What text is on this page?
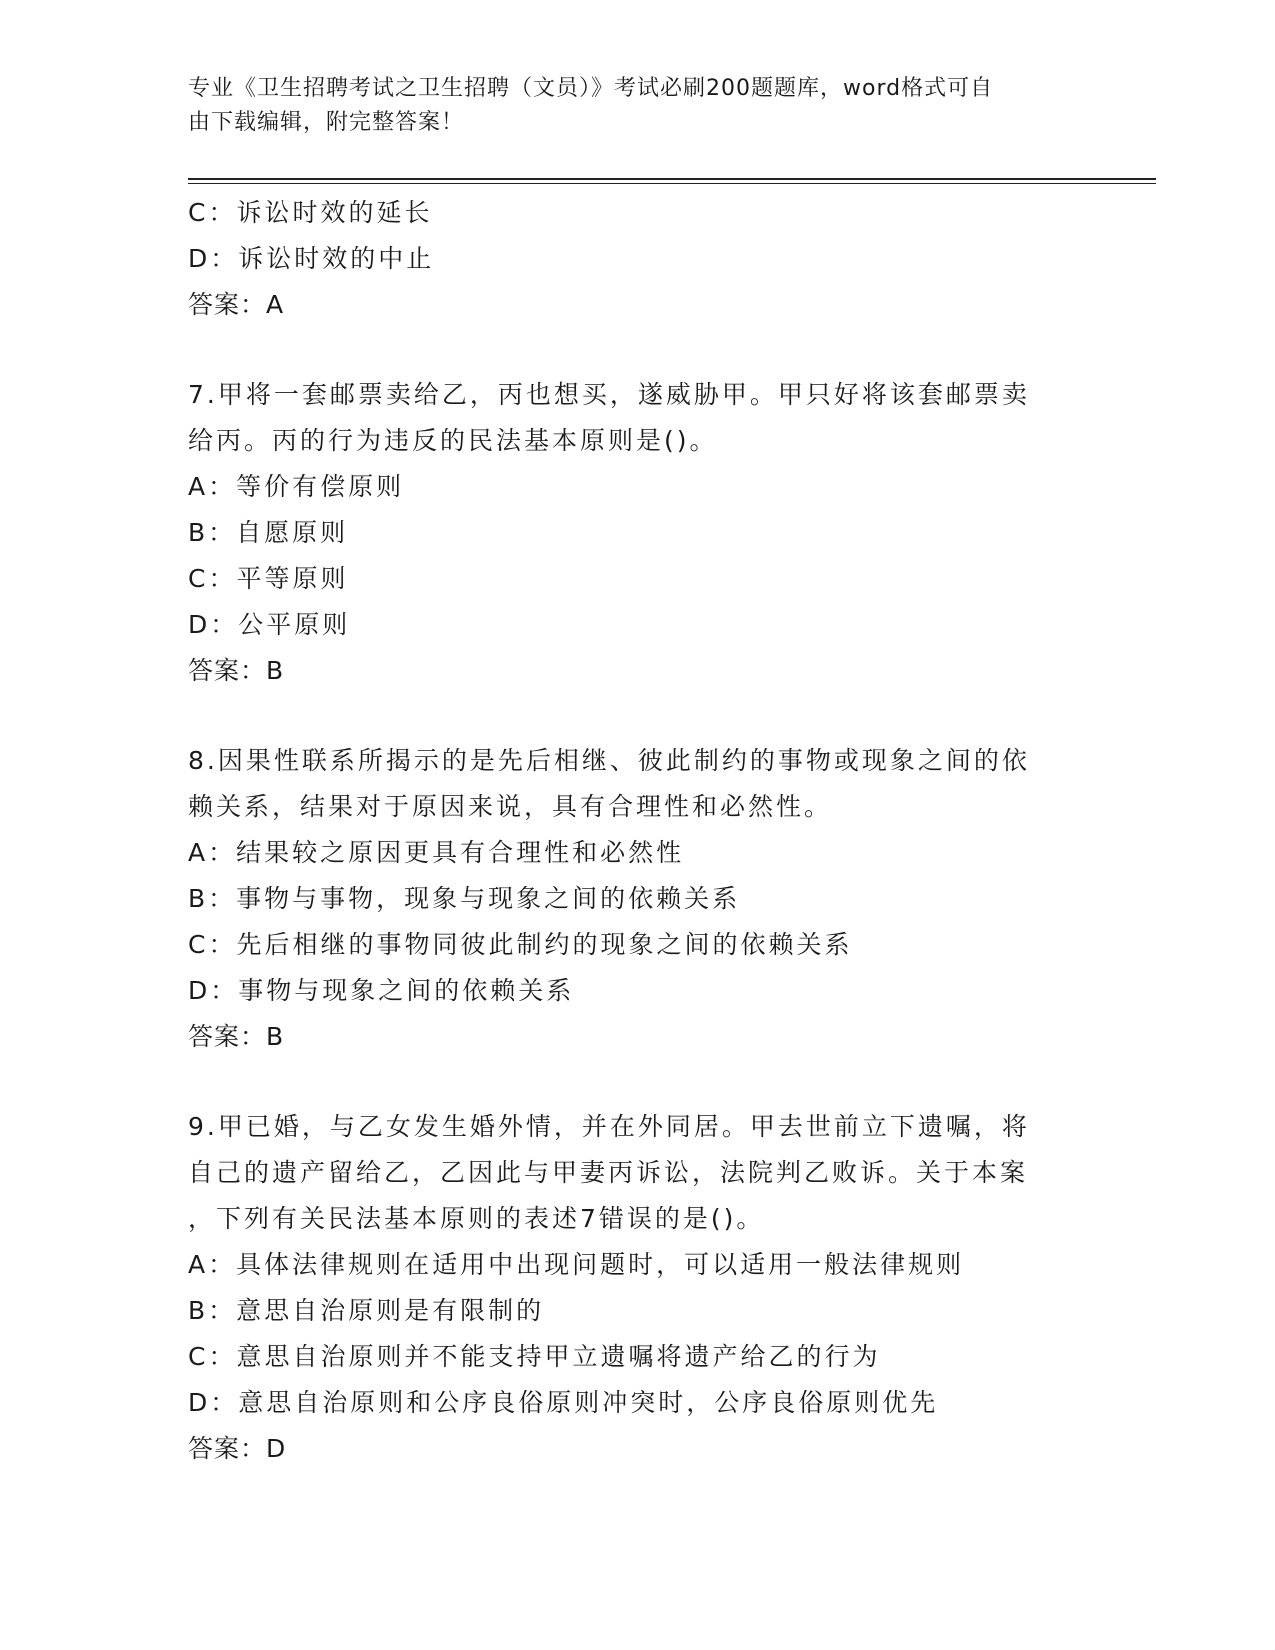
专业《卫生招聘考试之卫生招聘（文员）》考试必刷200题题库，word格式可自
由下载编辑，附完整答案！
C：诉讼时效的延长
D：诉讼时效的中止
答案：A
7.甲将一套邮票卖给乙，丙也想买，遂威胁甲。甲只好将该套邮票卖
给丙。丙的行为违反的民法基本原则是()。
A：等价有偿原则
B：自愿原则
C：平等原则
D：公平原则
答案：B
8.因果性联系所揭示的是先后相继、彼此制约的事物或现象之间的依
赖关系，结果对于原因来说，具有合理性和必然性。
A：结果较之原因更具有合理性和必然性
B：事物与事物，现象与现象之间的依赖关系
C：先后相继的事物同彼此制约的现象之间的依赖关系
D：事物与现象之间的依赖关系
答案：B
9.甲已婚，与乙女发生婚外情，并在外同居。甲去世前立下遗嘱，将
自己的遗产留给乙，乙因此与甲妻丙诉讼，法院判乙败诉。关于本案
，下列有关民法基本原则的表述7错误的是()。
A：具体法律规则在适用中出现问题时，可以适用一般法律规则
B：意思自治原则是有限制的
C：意思自治原则并不能支持甲立遗嘱将遗产给乙的行为
D：意思自治原则和公序良俗原则冲突时，公序良俗原则优先
答案：D
